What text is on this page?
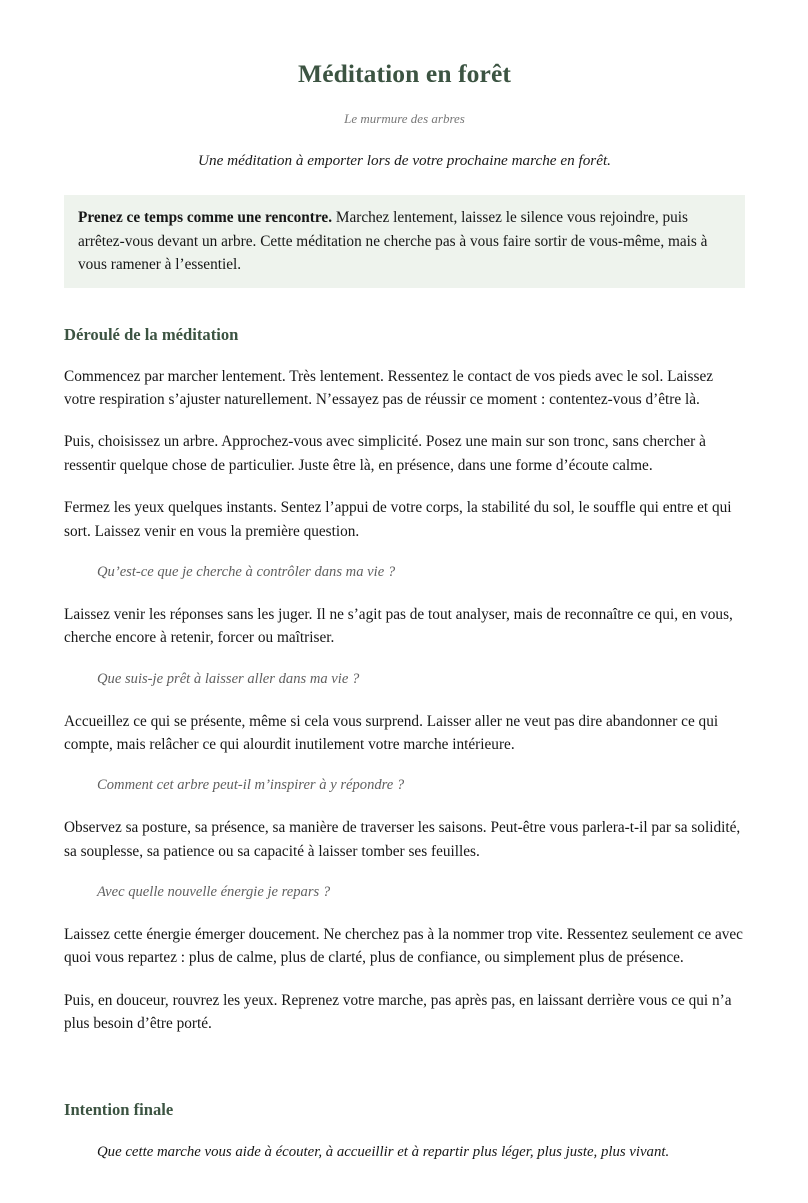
Méditation en forêt
Le murmure des arbres
Une méditation à emporter lors de votre prochaine marche en forêt.
Prenez ce temps comme une rencontre. Marchez lentement, laissez le silence vous rejoindre, puis arrêtez-vous devant un arbre. Cette méditation ne cherche pas à vous faire sortir de vous-même, mais à vous ramener à l’essentiel.
Déroulé de la méditation

Commencez par marcher lentement. Très lentement. Ressentez le contact de vos pieds avec le sol. Laissez votre respiration s’ajuster naturellement. N’essayez pas de réussir ce moment : contentez-vous d’être là.

Puis, choisissez un arbre. Approchez-vous avec simplicité. Posez une main sur son tronc, sans chercher à ressentir quelque chose de particulier. Juste être là, en présence, dans une forme d’écoute calme.

Fermez les yeux quelques instants. Sentez l’appui de votre corps, la stabilité du sol, le souffle qui entre et qui sort. Laissez venir en vous la première question.

Qu’est-ce que je cherche à contrôler dans ma vie ?

Laissez venir les réponses sans les juger. Il ne s’agit pas de tout analyser, mais de reconnaître ce qui, en vous, cherche encore à retenir, forcer ou maîtriser.

Que suis-je prêt à laisser aller dans ma vie ?

Accueillez ce qui se présente, même si cela vous surprend. Laisser aller ne veut pas dire abandonner ce qui compte, mais relâcher ce qui alourdit inutilement votre marche intérieure.

Comment cet arbre peut-il m’inspirer à y répondre ?

Observez sa posture, sa présence, sa manière de traverser les saisons. Peut-être vous parlera-t-il par sa solidité, sa souplesse, sa patience ou sa capacité à laisser tomber ses feuilles.

Avec quelle nouvelle énergie je repars ?

Laissez cette énergie émerger doucement. Ne cherchez pas à la nommer trop vite. Ressentez seulement ce avec quoi vous repartez : plus de calme, plus de clarté, plus de confiance, ou simplement plus de présence.

Puis, en douceur, rouvrez les yeux. Reprenez votre marche, pas après pas, en laissant derrière vous ce qui n’a plus besoin d’être porté.

Intention finale

Que cette marche vous aide à écouter, à accueillir et à repartir plus léger, plus juste, plus vivant.
